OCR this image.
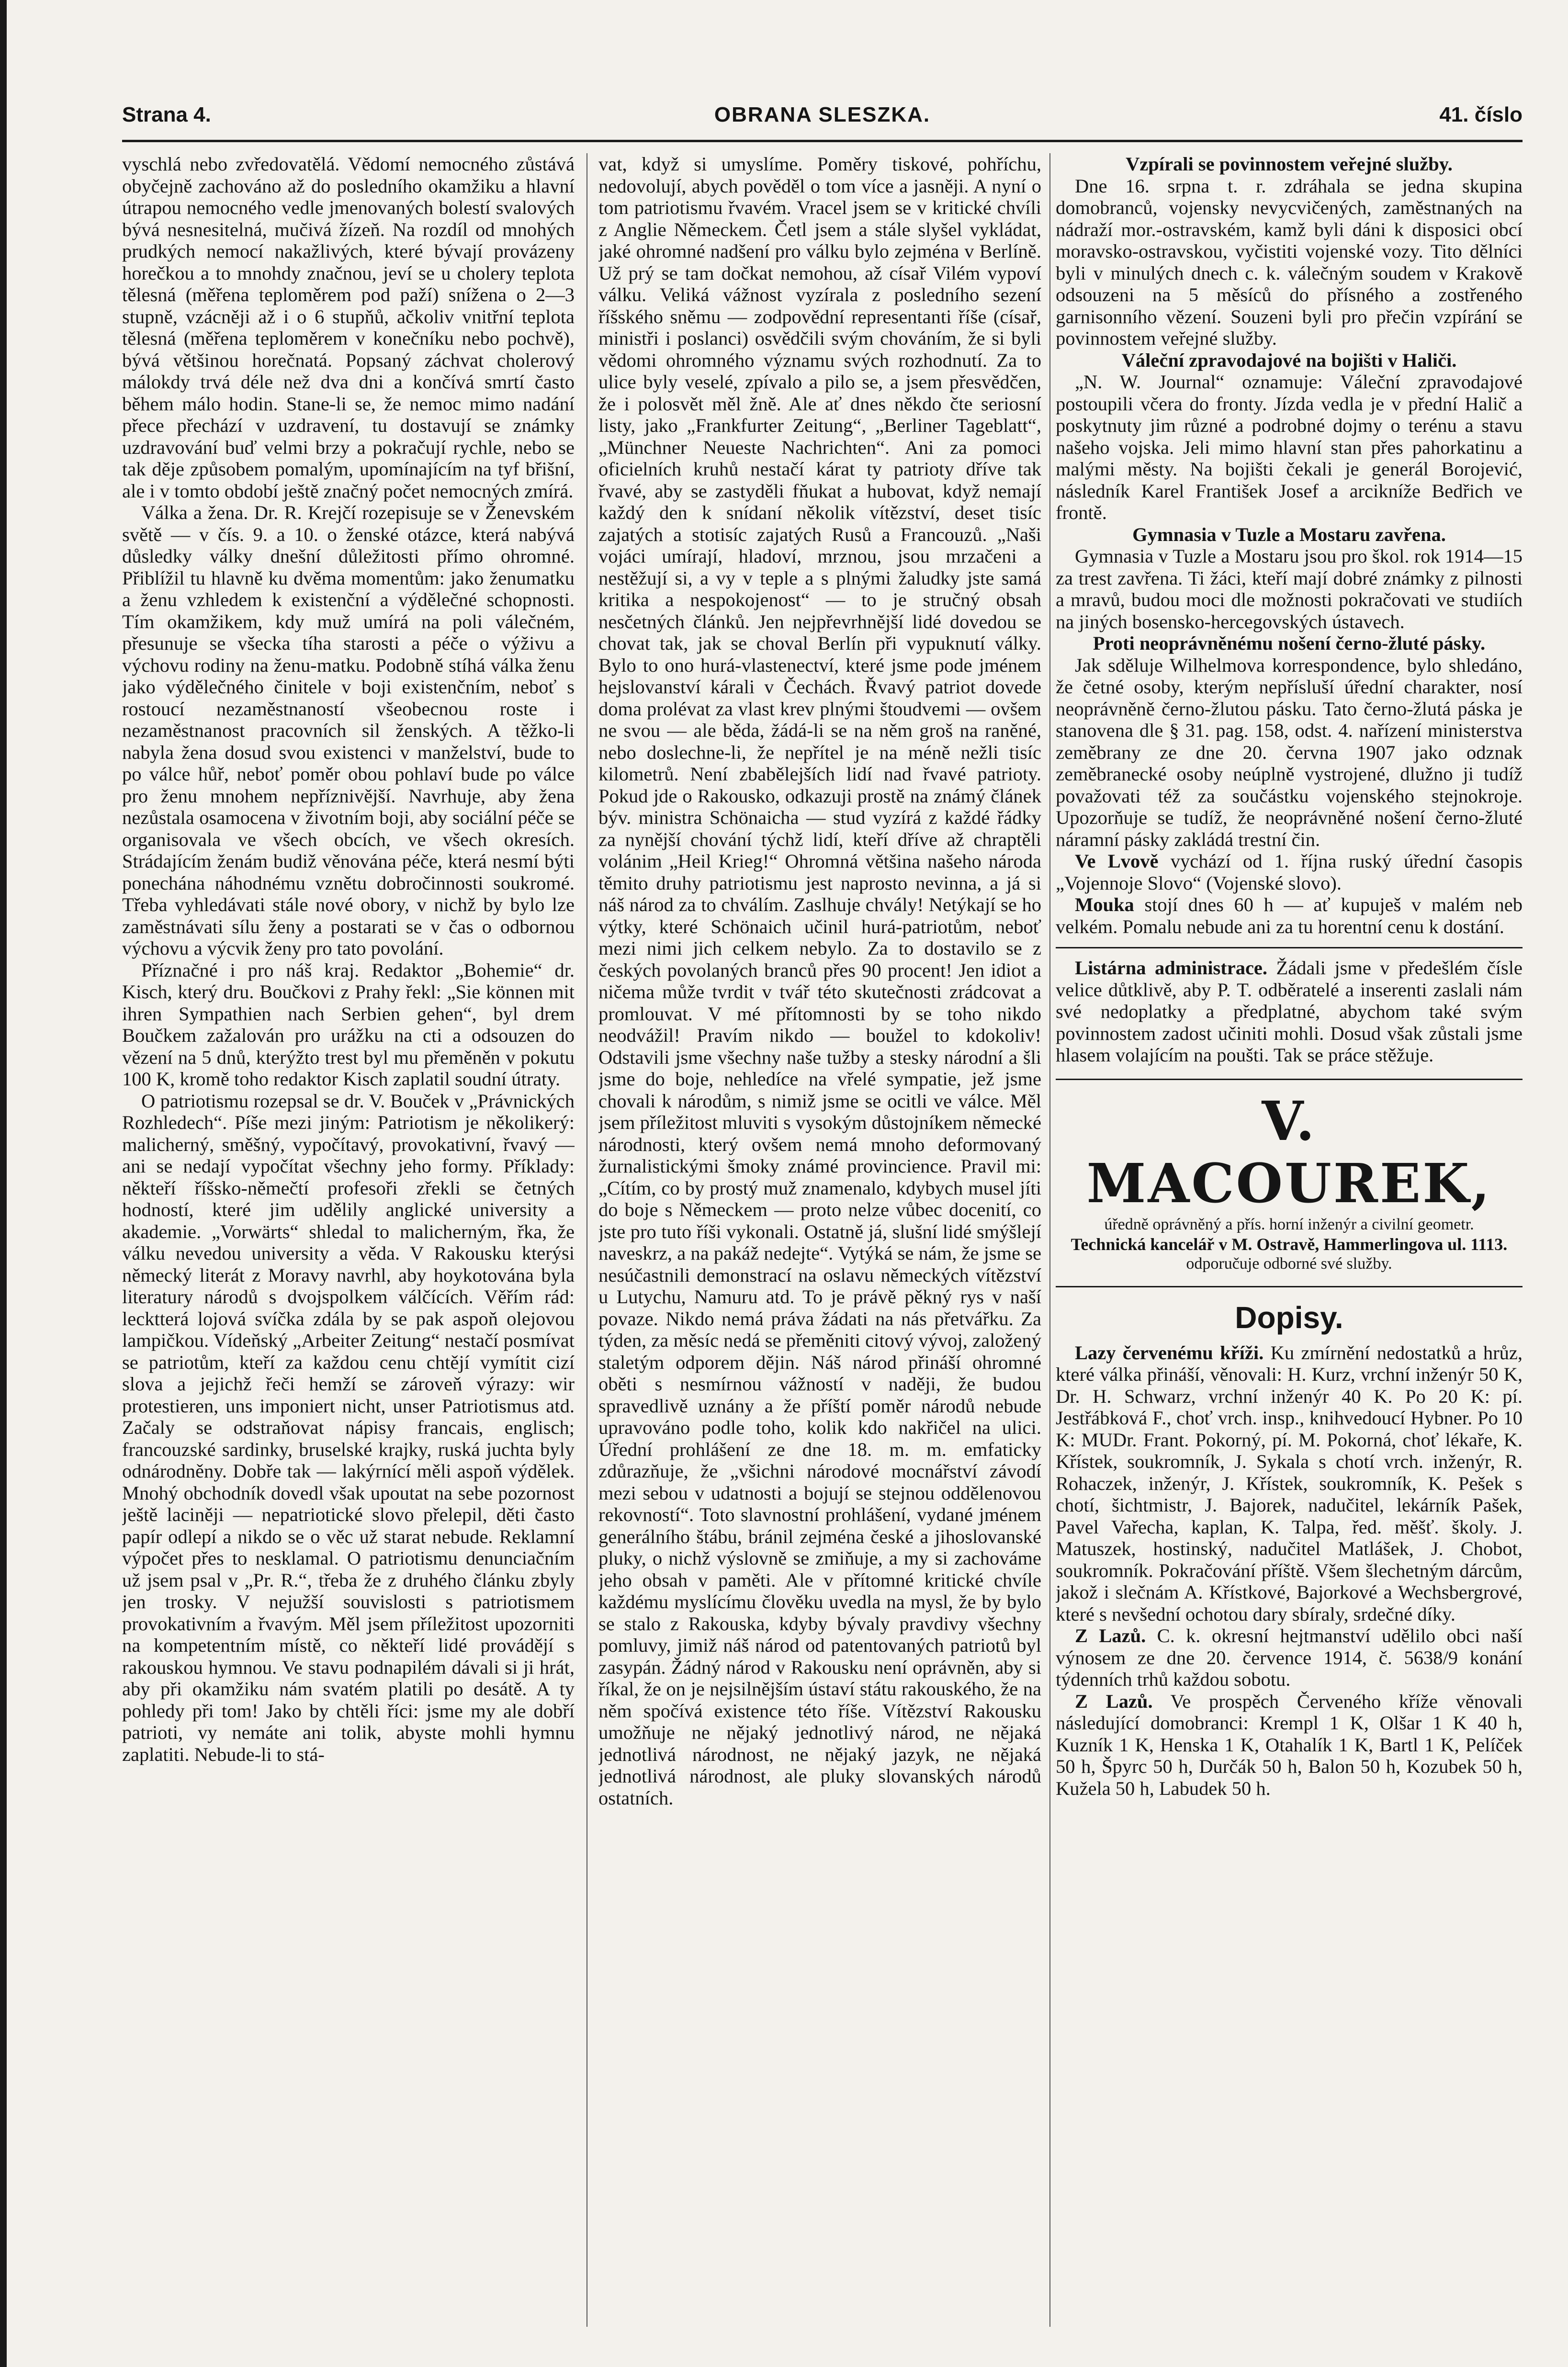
Strana 4.	OBRANA SLESZKA.	41. číslo

vyschlá nebo zvředovatělá. Vědomí nemocného zůstává obyčejně zachováno až do posledního okamžiku a hlavní útrapou nemocného vedle jmenovaných bolestí svalových bývá nesnesitelná, mučivá žízeň. Na rozdíl od mnohých prudkých nemocí nakažlivých, které bývají provázeny horečkou a to mnohdy značnou, jeví se u cholery teplota tělesná (měřena teploměrem pod paží) snížena o 2—3 stupně, vzácněji až i o 6 stupňů, ačkoliv vnitřní teplota tělesná (měřena teploměrem v konečníku nebo pochvě), bývá většinou horečnatá. Popsaný záchvat cholerový málokdy trvá déle než dva dni a končívá smrtí často během málo hodin. Stane-li se, že nemoc mimo nadání přece přechází v uzdravení, tu dostavují se známky uzdravování buď velmi brzy a pokračují rychle, nebo se tak děje způsobem pomalým, upomínajícím na tyf břišní, ale i v tomto období ještě značný počet nemocných zmírá.

Válka a žena. Dr. R. Krejčí rozepisuje se v Ženevském světě — v čís. 9. a 10. o ženské otázce, která nabývá důsledky války dnešní důležitosti přímo ohromné. Přiblížil tu hlavně ku dvěma momentům: jako ženumatku a ženu vzhledem k existenční a výdělečné schopnosti. Tím okamžikem, kdy muž umírá na poli válečném, přesunuje se všecka tíha starosti a péče o výživu a výchovu rodiny na ženu-matku. Podobně stíhá válka ženu jako výdělečného činitele v boji existenčním, neboť s rostoucí nezaměstnaností všeobecnou roste i nezaměstnanost pracovních sil ženských. A těžko-li nabyla žena dosud svou existenci v manželství, bude to po válce hůř, neboť poměr obou pohlaví bude po válce pro ženu mnohem nepříznivější. Navrhuje, aby žena nezůstala osamocena v životním boji, aby sociální péče se organisovala ve všech obcích, ve všech okresích. Strádajícím ženám budiž věnována péče, která nesmí býti ponechána náhodnému vznětu dobročinnosti soukromé. Třeba vyhledávati stále nové obory, v nichž by bylo lze zaměstnávati sílu ženy a postarati se v čas o odbornou výchovu a výcvik ženy pro tato povolání.

Příznačné i pro náš kraj. Redaktor „Bohemie“ dr. Kisch, který dru. Boučkovi z Prahy řekl: „Sie können mit ihren Sympathien nach Serbien gehen“, byl drem Boučkem zažalován pro urážku na cti a odsouzen do vězení na 5 dnů, kterýžto trest byl mu přeměněn v pokutu 100 K, kromě toho redaktor Kisch zaplatil soudní útraty.

O patriotismu rozepsal se dr. V. Bouček v „Právnických Rozhledech“. Píše mezi jiným: Patriotism je několikerý: malicherný, směšný, vypočítavý, provokativní, řvavý — ani se nedají vypočítat všechny jeho formy. Příklady: někteří říšsko-němečtí profesoři zřekli se četných hodností, které jim udělily anglické university a akademie. „Vorwärts“ shledal to malicherným, řka, že válku nevedou university a věda. V Rakousku kterýsi německý literát z Moravy navrhl, aby hoykotována byla literatury národů s dvojspolkem válčících. Věřím rád: lecktterá lojová svíčka zdála by se pak aspoň olejovou lampičkou. Vídeňský „Arbeiter Zeitung“ nestačí posmívat se patriotům, kteří za každou cenu chtějí vymítit cizí slova a jejichž řeči hemží se zároveň výrazy: wir protestieren, uns imponiert nicht, unser Patriotismus atd. Začaly se odstraňovat nápisy francais, englisch; francouzské sardinky, bruselské krajky, ruská juchta byly odnárodněny. Dobře tak — lakýrnící měli aspoň výdělek. Mnohý obchodník dovedl však upoutat na sebe pozornost ještě laciněji — nepatriotické slovo přelepil, děti často papír odlepí a nikdo se o věc už starat nebude. Reklamní výpočet přes to nesklamal. O patriotismu denunciačním už jsem psal v „Pr. R.“, třeba že z druhého článku zbyly jen trosky. V nejužší souvislosti s patriotismem provokativním a řvavým. Měl jsem příležitost upozorniti na kompetentním místě, co někteří lidé provádějí s rakouskou hymnou. Ve stavu podnapilém dávali si ji hrát, aby při okamžiku nám svatém platili po desátě. A ty pohledy při tom! Jako by chtěli říci: jsme my ale dobří patrioti, vy nemáte ani tolik, abyste mohli hymnu zaplatiti. Nebude-li to stá-

vat, když si umyslíme. Poměry tiskové, pohříchu, nedovolují, abych pověděl o tom více a jasněji. A nyní o tom patriotismu řvavém. Vracel jsem se v kritické chvíli z Anglie Německem. Četl jsem a stále slyšel vykládat, jaké ohromné nadšení pro válku bylo zejména v Berlíně. Už prý se tam dočkat nemohou, až císař Vilém vypoví válku. Veliká vážnost vyzírala z posledního sezení říšského sněmu — zodpovědní representanti říše (císař, ministři i poslanci) osvědčili svým chováním, že si byli vědomi ohromného významu svých rozhodnutí. Za to ulice byly veselé, zpívalo a pilo se, a jsem přesvědčen, že i polosvět měl žně. Ale ať dnes někdo čte seriosní listy, jako „Frankfurter Zeitung“, „Berliner Tageblatt“, „Münchner Neueste Nachrichten“. Ani za pomoci oficielních kruhů nestačí kárat ty patrioty dříve tak řvavé, aby se zastyděli fňukat a hubovat, když nemají každý den k snídaní několik vítězství, deset tisíc zajatých a stotisíc zajatých Rusů a Francouzů. „Naši vojáci umírají, hladoví, mrznou, jsou mrzačeni a nestěžují si, a vy v teple a s plnými žaludky jste samá kritika a nespokojenost“ — to je stručný obsah nesčetných článků. Jen nejpřevrhnější lidé dovedou se chovat tak, jak se choval Berlín při vypuknutí války. Bylo to ono hurá-vlastenectví, které jsme pode jménem hejslovanství kárali v Čechách. Řvavý patriot dovede doma prolévat za vlast krev plnými štoudvemi — ovšem ne svou — ale běda, žádá-li se na něm groš na raněné, nebo doslechne-li, že nepřítel je na méně nežli tisíc kilometrů. Není zbabělejších lidí nad řvavé patrioty. Pokud jde o Rakousko, odkazuji prostě na známý článek býv. ministra Schönaicha — stud vyzírá z každé řádky za nynější chování týchž lidí, kteří dříve až chraptěli volánim „Heil Krieg!“ Ohromná většina našeho národa těmito druhy patriotismu jest naprosto nevinna, a já si náš národ za to chválím. Zaslhuje chvály! Netýkají se ho výtky, které Schönaich učinil hurá-patriotům, neboť mezi nimi jich celkem nebylo. Za to dostavilo se z českých povolaných branců přes 90 procent! Jen idiot a ničema může tvrdit v tvář této skutečnosti zrádcovat a promlouvat. V mé přítomnosti by se toho nikdo neodvážil! Pravím nikdo — boužel to kdokoliv! Odstavili jsme všechny naše tužby a stesky národní a šli jsme do boje, nehledíce na vřelé sympatie, jež jsme chovali k národům, s nimiž jsme se ocitli ve válce. Měl jsem příležitost mluviti s vysokým důstojníkem německé národnosti, který ovšem nemá mnoho deformovaný žurnalistickými šmoky známé provincience. Pravil mi: „Cítím, co by prostý muž znamenalo, kdybych musel jíti do boje s Německem — proto nelze vůbec docenití, co jste pro tuto říši vykonali. Ostatně já, slušní lidé smýšlejí naveskrz, a na pakáž nedejte“. Vytýká se nám, že jsme se nesúčastnili demonstrací na oslavu německých vítězství u Lutychu, Namuru atd. To je právě pěkný rys v naší povaze. Nikdo nemá práva žádati na nás přetvářku. Za týden, za měsíc nedá se přeměniti citový vývoj, založený staletým odporem dějin. Náš národ přináší ohromné oběti s nesmírnou vážností v naději, že budou spravedlivě uznány a že příští poměr národů nebude upravováno podle toho, kolik kdo nakřičel na ulici. Úřední prohlášení ze dne 18. m. m. emfaticky zdůrazňuje, že „všichni národové mocnářství závodí mezi sebou v udatnosti a bojují se stejnou oddělenovou rekovností“. Toto slavnostní prohlášení, vydané jménem generálního štábu, bránil zejména české a jihoslovanské pluky, o nichž výslovně se zmiňuje, a my si zachováme jeho obsah v paměti. Ale v přítomné kritické chvíle každému myslícímu člověku uvedla na mysl, že by bylo se stalo z Rakouska, kdyby bývaly pravdivy všechny pomluvy, jimiž náš národ od patentovaných patriotů byl zasypán. Žádný národ v Rakousku není oprávněn, aby si říkal, že on je nejsilnějším ústaví státu rakouského, že na něm spočívá existence této říše. Vítězství Rakousku umožňuje ne nějaký jednotlivý národ, ne nějaká jednotlivá národnost, ne nějaký jazyk, ne nějaká jednotlivá národnost, ale pluky slovanských národů ostatních.

Vzpírali se povinnostem veřejné služby.

Dne 16. srpna t. r. zdráhala se jedna skupina domobranců, vojensky nevycvičených, zaměstnaných na nádraží mor.-ostravském, kamž byli dáni k disposici obcí moravsko-ostravskou, vyčistiti vojenské vozy. Tito dělníci byli v minulých dnech c. k. válečným soudem v Krakově odsouzeni na 5 měsíců do přísného a zostřeného garnisonního vězení. Souzeni byli pro přečin vzpírání se povinnostem veřejné služby.

Váleční zpravodajové na bojišti v Haliči.

„N. W. Journal“ oznamuje: Váleční zpravodajové postoupili včera do fronty. Jízda vedla je v přední Halič a poskytnuty jim různé a podrobné dojmy o terénu a stavu našeho vojska. Jeli mimo hlavní stan přes pahorkatinu a malými městy. Na bojišti čekali je generál Borojević, následník Karel František Josef a arcikníže Bedřich ve frontě.

Gymnasia v Tuzle a Mostaru zavřena.

Gymnasia v Tuzle a Mostaru jsou pro škol. rok 1914—15 za trest zavřena. Ti žáci, kteří mají dobré známky z pilnosti a mravů, budou moci dle možnosti pokračovati ve studiích na jiných bosensko-hercegovských ústavech.

Proti neoprávněnému nošení černo-žluté pásky.

Jak sděluje Wilhelmova korrespondence, bylo shledáno, že četné osoby, kterým nepřísluší úřední charakter, nosí neoprávněně černo-žlutou pásku. Tato černo-žlutá páska je stanovena dle § 31. pag. 158, odst. 4. nařízení ministerstva zeměbrany ze dne 20. června 1907 jako odznak zeměbranecké osoby neúplně vystrojené, dlužno ji tudíž považovati též za součástku vojenského stejnokroje. Upozorňuje se tudíž, že neoprávněné nošení černo-žluté náramní pásky zakládá trestní čin.

Ve Lvově vychází od 1. října ruský úřední časopis „Vojennoje Slovo“ (Vojenské slovo).

Mouka stojí dnes 60 h — ať kupuješ v malém neb velkém. Pomalu nebude ani za tu horentní cenu k dostání.

Listárna administrace. Žádali jsme v předešlém čísle velice důtklivě, aby P. T. odběratelé a inserenti zaslali nám své nedoplatky a předplatné, abychom také svým povinnostem zadost učiniti mohli. Dosud však zůstali jsme hlasem volajícím na poušti. Tak se práce stěžuje.

V. MACOUREK,
úředně oprávněný a přís. horní inženýr a civilní geometr.
Technická kancelář v M. Ostravě, Hammerlingova ul. 1113.
odporučuje odborné své služby.
Dopisy.

Lazy červenému kříži. Ku zmírnění nedostatků a hrůz, které válka přináší, věnovali: H. Kurz, vrchní inženýr 50 K, Dr. H. Schwarz, vrchní inženýr 40 K. Po 20 K: pí. Jestřábková F., choť vrch. insp., knihvedoucí Hybner. Po 10 K: MUDr. Frant. Pokorný, pí. M. Pokorná, choť lékaře, K. Křístek, soukromník, J. Sykala s chotí vrch. inženýr, R. Rohaczek, inženýr, J. Křístek, soukromník, K. Pešek s chotí, šichtmistr, J. Bajorek, nadučitel, lekárník Pašek, Pavel Vařecha, kaplan, K. Talpa, řed. měšť. školy. J. Matuszek, hostinský, nadučitel Matlášek, J. Chobot, soukromník. Pokračování příště. Všem šlechetným dárcům, jakož i slečnám A. Křístkové, Bajorkové a Wechsbergrové, které s nevšední ochotou dary sbíraly, srdečné díky.

Z Lazů. C. k. okresní hejtmanství udělilo obci naší výnosem ze dne 20. července 1914, č. 5638/9 konání týdenních trhů každou sobotu.

Z Lazů. Ve prospěch Červeného kříže věnovali následující domobranci: Krempl 1 K, Olšar 1 K 40 h, Kuzník 1 K, Henska 1 K, Otahalík 1 K, Bartl 1 K, Pelíček 50 h, Špyrc 50 h, Durčák 50 h, Balon 50 h, Kozubek 50 h, Kužela 50 h, Labudek 50 h.
